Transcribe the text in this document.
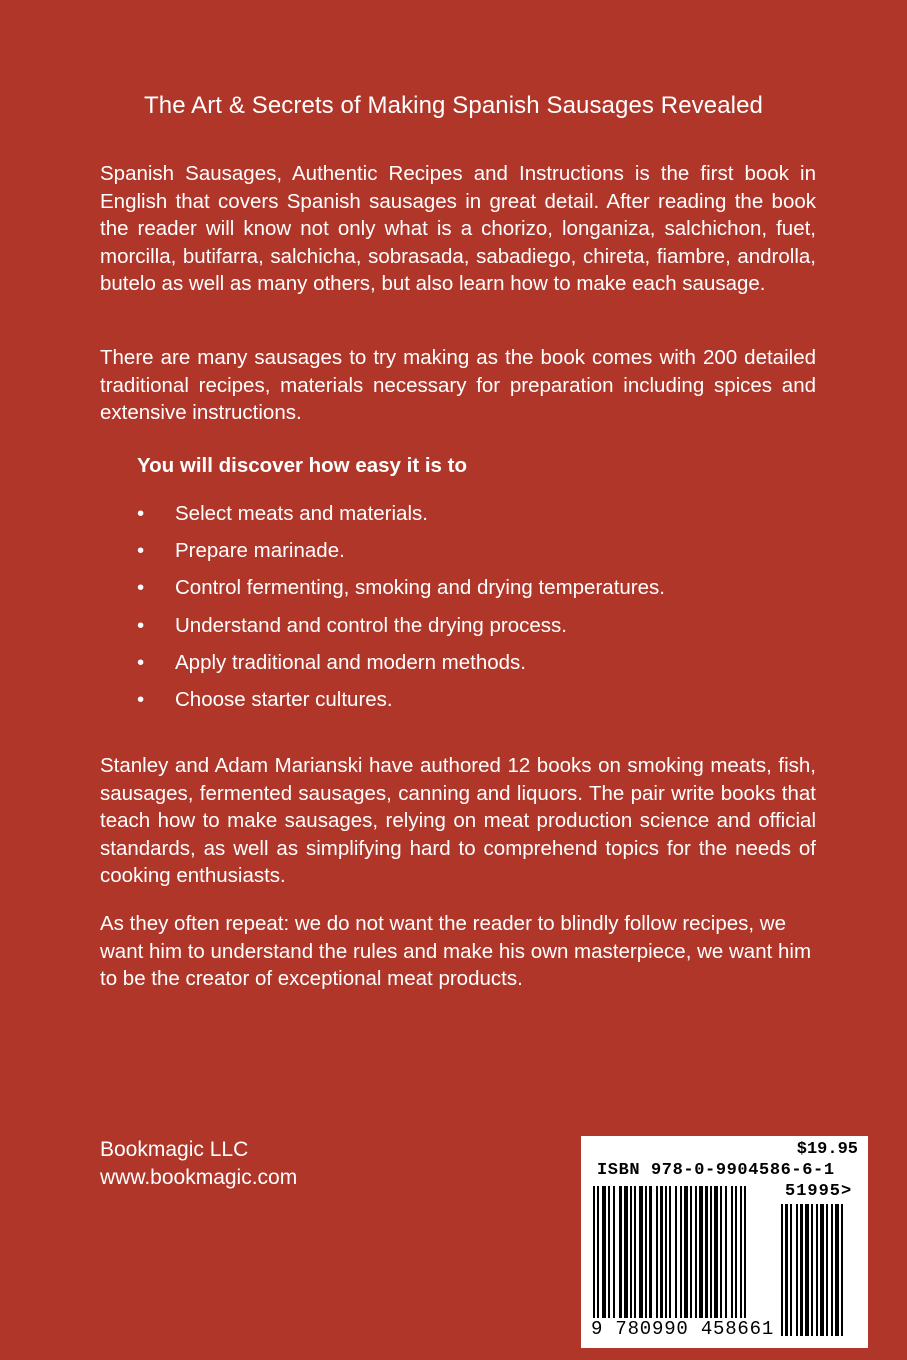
The Art & Secrets of Making Spanish Sausages Revealed

Spanish Sausages, Authentic Recipes and Instructions is the first book in English that covers Spanish sausages in great detail. After reading the book the reader will know not only what is a chorizo, longaniza, salchichon, fuet, morcilla, butifarra, salchicha, sobrasada, sabadiego, chireta, fiambre, androlla, butelo as well as many others, but also learn how to make each sausage.

There are many sausages to try making as the book comes with 200 detailed traditional recipes, materials necessary for preparation including spices and extensive instructions.

You will discover how easy it is to
•	Select meats and materials.
•	Prepare marinade.
•	Control fermenting, smoking and drying temperatures.
•	Understand and control the drying process.
•	Apply traditional and modern methods.
•	Choose starter cultures.

Stanley and Adam Marianski have authored 12 books on smoking meats, fish, sausages, fermented sausages, canning and liquors. The pair write books that teach how to make sausages, relying on meat production science and official standards, as well as simplifying hard to comprehend topics for the needs of cooking enthusiasts.

As they often repeat: we do not want the reader to blindly follow recipes, we want him to understand the rules and make his own masterpiece, we want him to be the creator of exceptional meat products.

Bookmagic LLC
www.bookmagic.com
$19.95
ISBN 978-0-9904586-6-1
51995>
9 780990 458661
